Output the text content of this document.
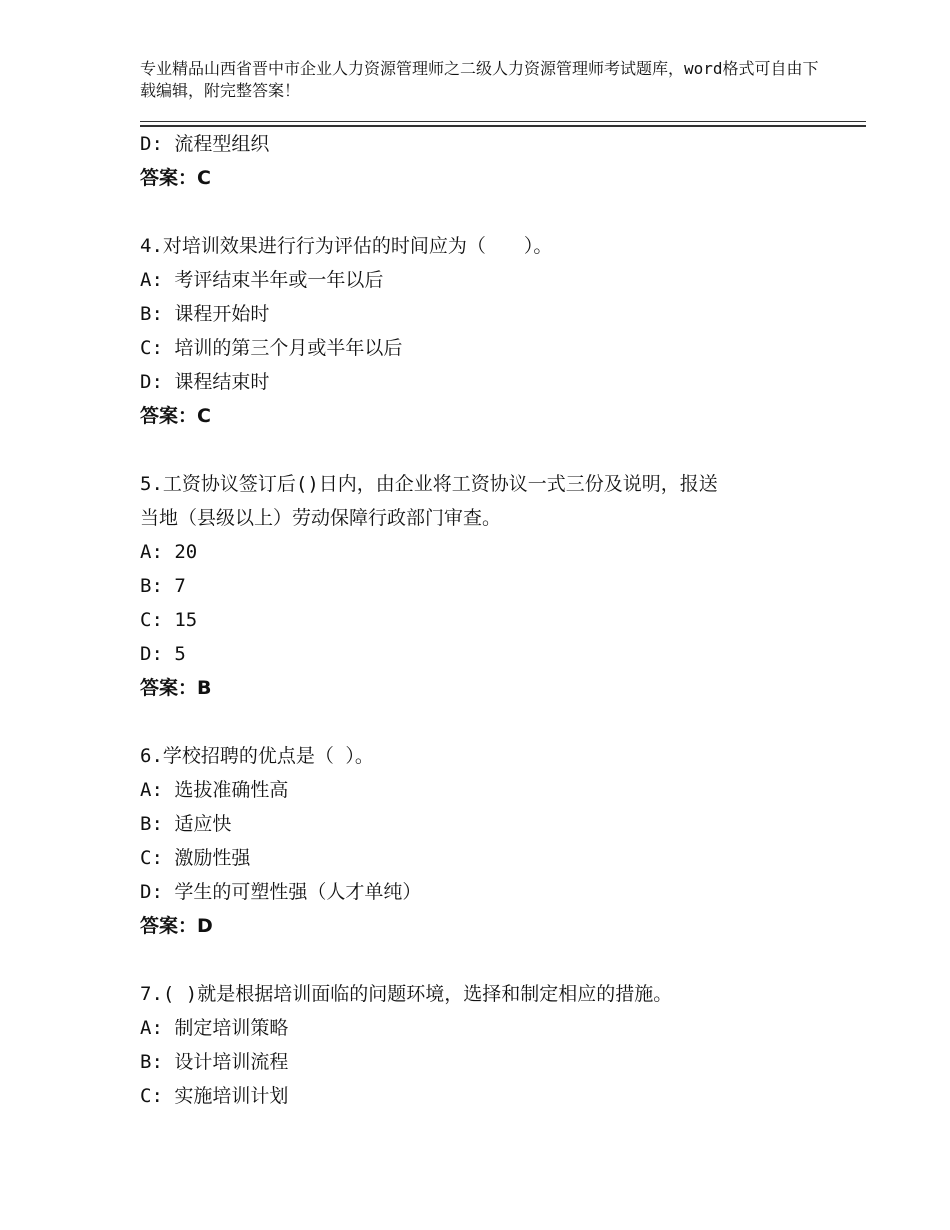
专业精品山西省晋中市企业人力资源管理师之二级人力资源管理师考试题库，word格式可自由下载编辑，附完整答案！
D: 流程型组织
答案：C
4.对培训效果进行行为评估的时间应为（　　）。
A: 考评结束半年或一年以后
B: 课程开始时
C: 培训的第三个月或半年以后
D: 课程结束时
答案：C
5.工资协议签订后()日内，由企业将工资协议一式三份及说明，报送
当地（县级以上）劳动保障行政部门审查。
A: 20
B: 7
C: 15
D: 5
答案：B
6.学校招聘的优点是（ ）。
A: 选拔准确性高
B: 适应快
C: 激励性强
D: 学生的可塑性强（人才单纯）
答案：D
7.( )就是根据培训面临的问题环境，选择和制定相应的措施。
A: 制定培训策略
B: 设计培训流程
C: 实施培训计划
